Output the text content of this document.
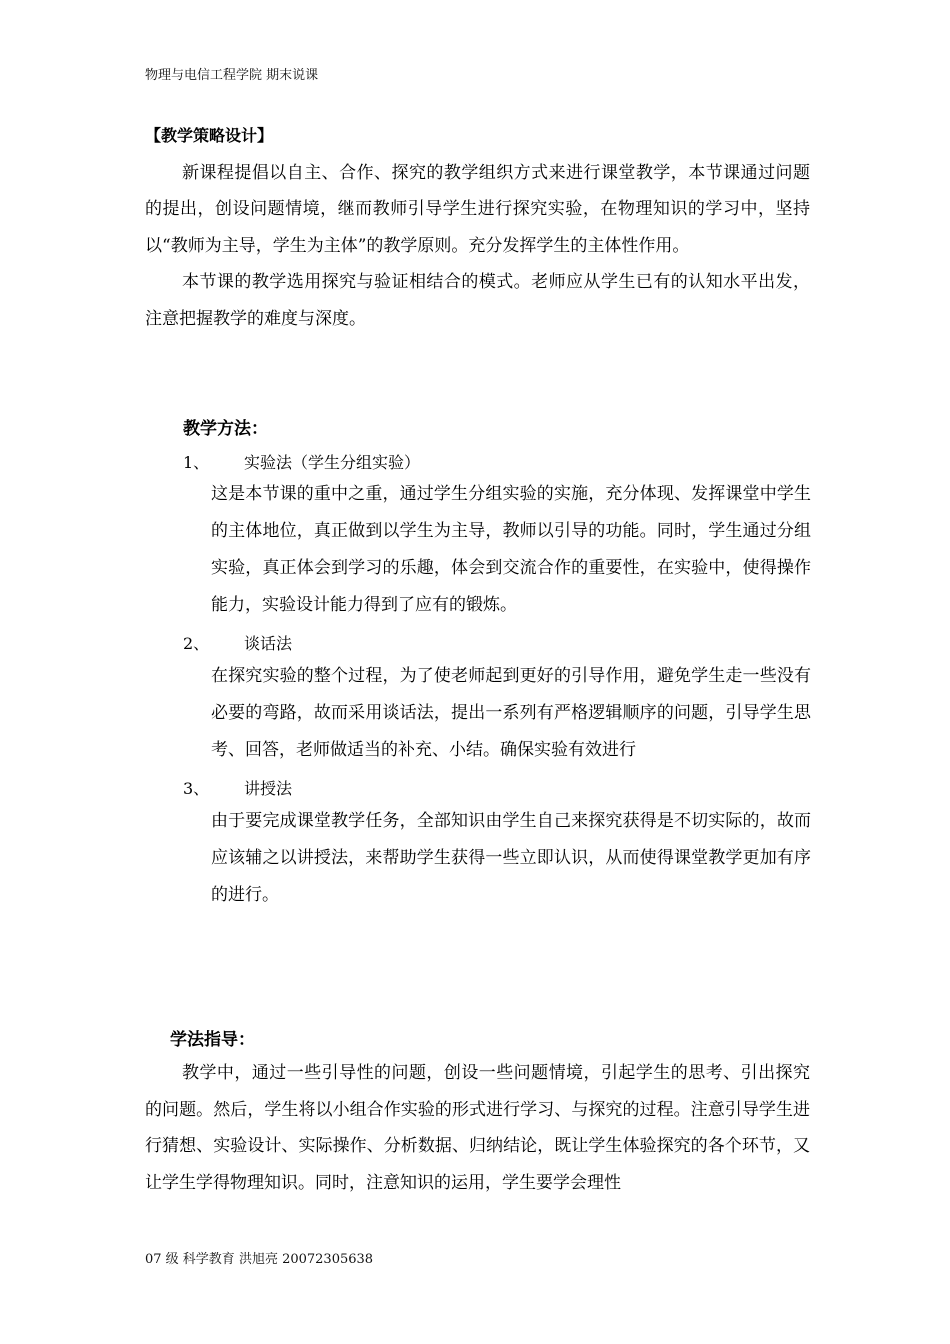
物理与电信工程学院 期末说课
【教学策略设计】

新课程提倡以自主、合作、探究的教学组织方式来进行课堂教学，本节课通过问题的提出，创设问题情境，继而教师引导学生进行探究实验，在物理知识的学习中，坚持以“教师为主导，学生为主体”的教学原则。充分发挥学生的主体性作用。

本节课的教学选用探究与验证相结合的模式。老师应从学生已有的认知水平出发，注意把握教学的难度与深度。

教学方法：
1、 实验法（学生分组实验）

这是本节课的重中之重，通过学生分组实验的实施，充分体现、发挥课堂中学生的主体地位，真正做到以学生为主导，教师以引导的功能。同时，学生通过分组实验，真正体会到学习的乐趣，体会到交流合作的重要性，在实验中，使得操作能力，实验设计能力得到了应有的锻炼。

2、 谈话法

在探究实验的整个过程，为了使老师起到更好的引导作用，避免学生走一些没有必要的弯路，故而采用谈话法，提出一系列有严格逻辑顺序的问题，引导学生思考、回答，老师做适当的补充、小结。确保实验有效进行

3、 讲授法

由于要完成课堂教学任务，全部知识由学生自己来探究获得是不切实际的，故而应该辅之以讲授法，来帮助学生获得一些立即认识，从而使得课堂教学更加有序的进行。

学法指导：

教学中，通过一些引导性的问题，创设一些问题情境，引起学生的思考、引出探究的问题。然后，学生将以小组合作实验的形式进行学习、与探究的过程。注意引导学生进行猜想、实验设计、实际操作、分析数据、归纳结论，既让学生体验探究的各个环节，又让学生学得物理知识。同时，注意知识的运用，学生要学会理性

07 级 科学教育 洪旭亮 20072305638
